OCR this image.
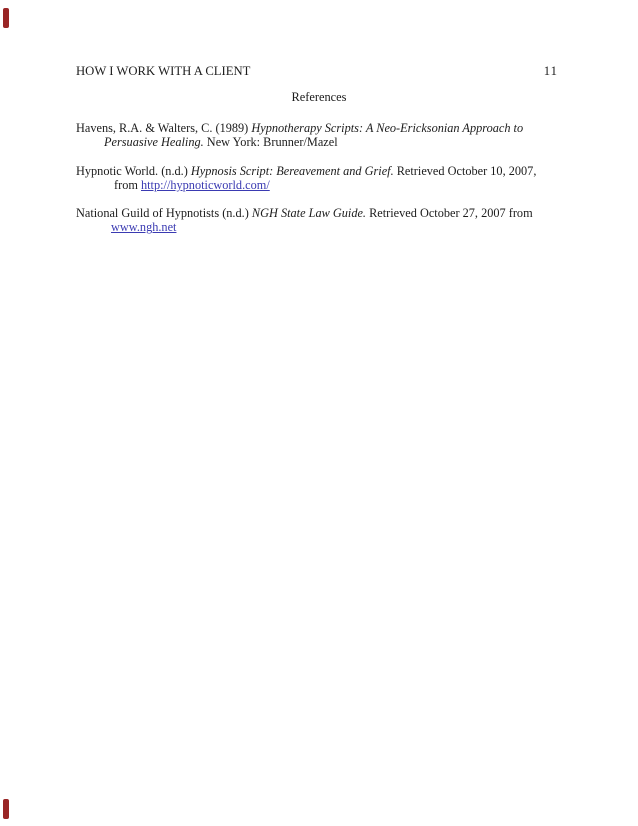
HOW I WORK WITH A CLIENT	11
References
Havens, R.A. & Walters, C. (1989) Hypnotherapy Scripts: A Neo-Ericksonian Approach to
Persuasive Healing. New York: Brunner/Mazel
Hypnotic World. (n.d.) Hypnosis Script: Bereavement and Grief. Retrieved October 10, 2007,
from http://hypnoticworld.com/
National Guild of Hypnotists (n.d.) NGH State Law Guide. Retrieved October 27, 2007 from
www.ngh.net
